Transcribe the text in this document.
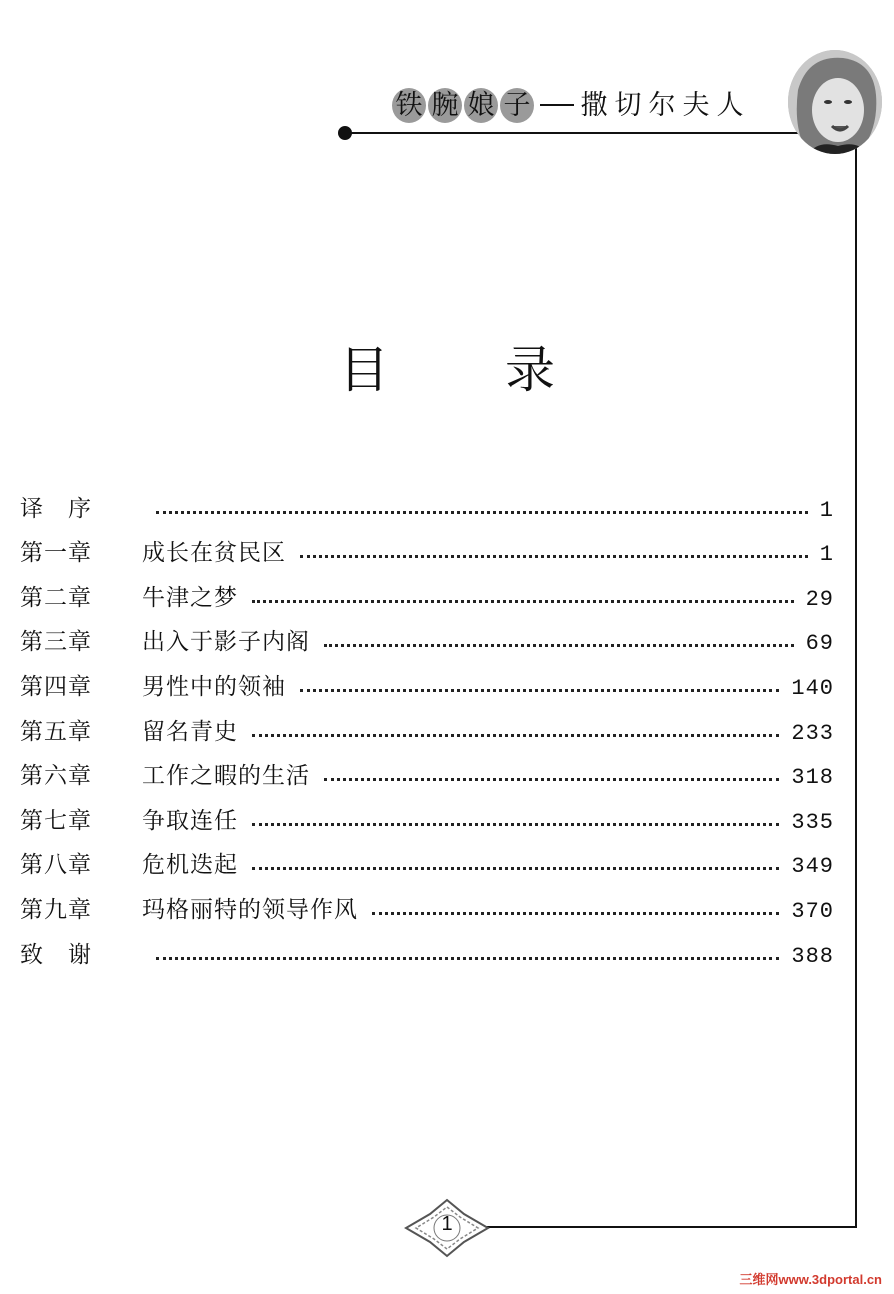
铁 腕 娘 子 撒 切 尔 夫 人
目 录
译　序	1
第一章 成长在贫民区	1
第二章 牛津之梦	29
第三章 出入于影子内阁	69
第四章 男性中的领袖	140
第五章 留名青史	233
第六章 工作之暇的生活	318
第七章 争取连任	335
第八章 危机迭起	349
第九章 玛格丽特的领导作风	370
致　谢	388
1
三维网www.3dportal.cn
